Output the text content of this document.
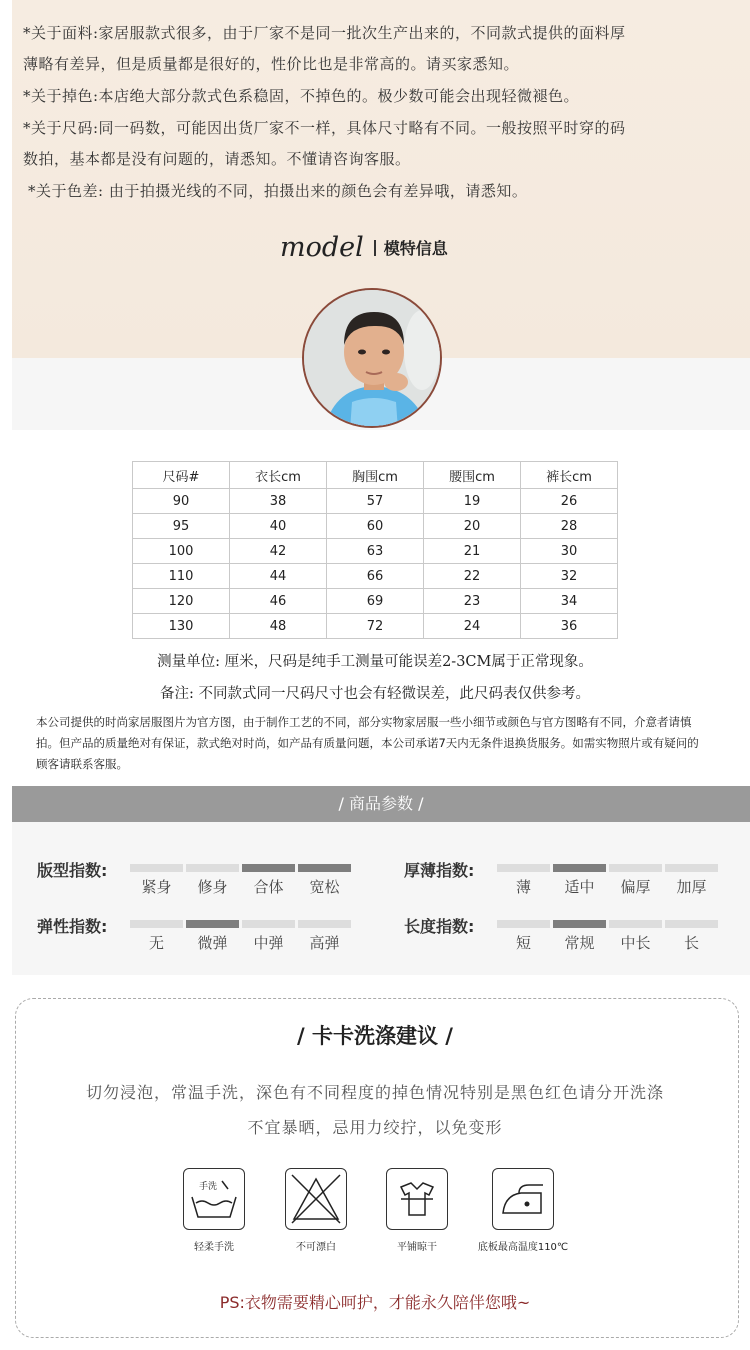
*关于面料:家居服款式很多，由于厂家不是同一批次生产出来的，不同款式提供的面料厚
薄略有差异，但是质量都是很好的，性价比也是非常高的。请买家悉知。
*关于掉色:本店绝大部分款式色系稳固，不掉色的。极少数可能会出现轻微褪色。
*关于尺码:同一码数，可能因出货厂家不一样，具体尺寸略有不同。一般按照平时穿的码
数拍，基本都是没有问题的，请悉知。不懂请咨询客服。
*关于色差: 由于拍摄光线的不同，拍摄出来的颜色会有差异哦，请悉知。
model 模特信息
尺码#	衣长cm	胸围cm	腰围cm	裤长cm
90	38	57	19	26
95	40	60	20	28
100	42	63	21	30
110	44	66	22	32
120	46	69	23	34
130	48	72	24	36
测量单位: 厘米，尺码是纯手工测量可能误差2-3CM属于正常现象。
备注: 不同款式同一尺码尺寸也会有轻微误差，此尺码表仅供参考。
本公司提供的时尚家居服图片为官方图，由于制作工艺的不同，部分实物家居服一些小细节或颜色与官方图略有不同，介意者请慎
拍。但产品的质量绝对有保证，款式绝对时尚，如产品有质量问题，本公司承诺7天内无条件退换货服务。如需实物照片或有疑问的
顾客请联系客服。
/ 商品参数 /
版型指数:
紧身	修身	合体	宽松
厚薄指数:
薄	适中	偏厚	加厚
弹性指数:
无	微弹	中弹	高弹
长度指数:
短	常规	中长	长
/ 卡卡洗涤建议 /
切勿浸泡，常温手洗，深色有不同程度的掉色情况特别是黑色红色请分开洗涤
不宜暴晒，忌用力绞拧，以免变形
手洗
轻柔手洗	不可漂白	平铺晾干	底板最高温度110℃
PS:衣物需要精心呵护，才能永久陪伴您哦~
